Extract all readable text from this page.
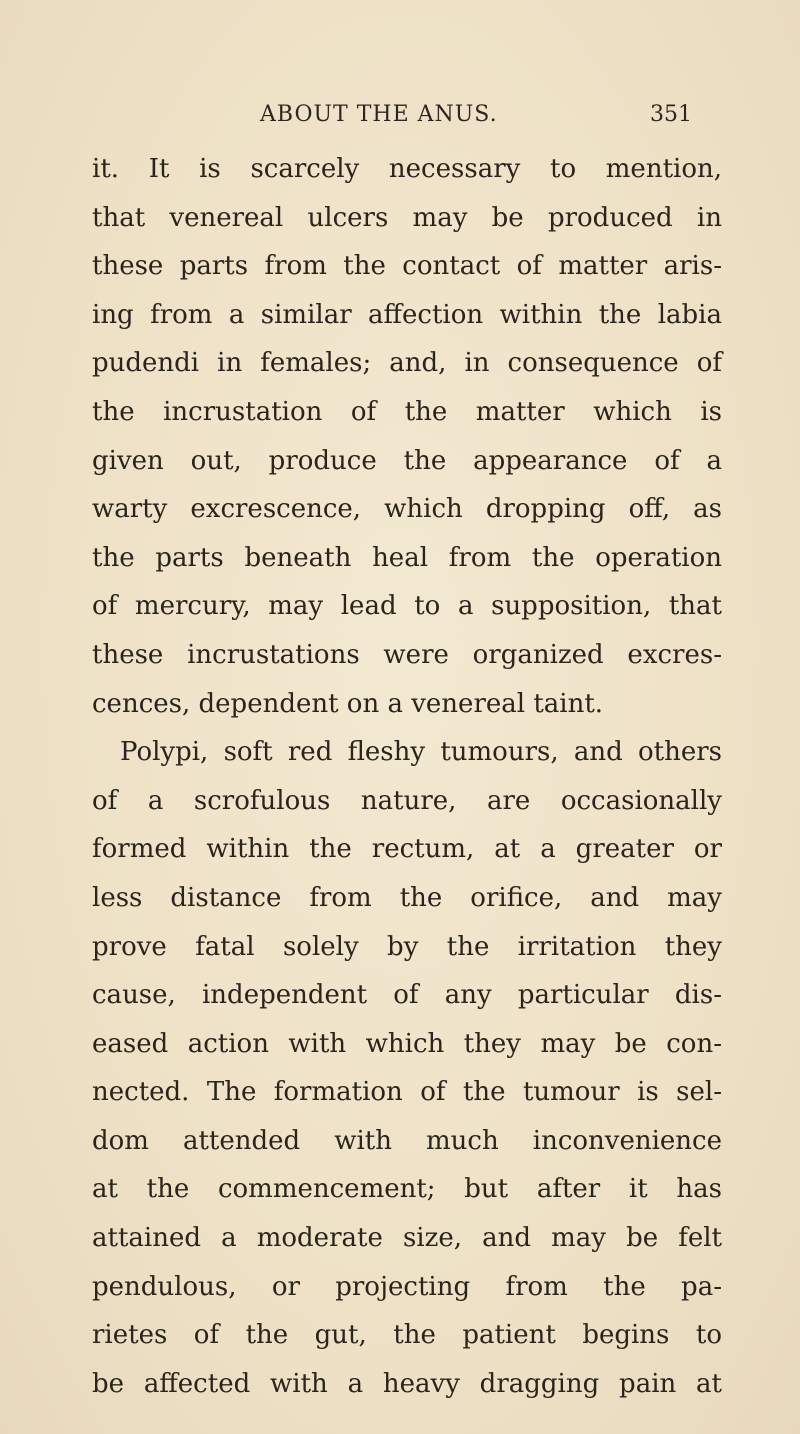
ABOUT THE ANUS.	351
it. It is scarcely necessary to mention,
that venereal ulcers may be produced in
these parts from the contact of matter aris-
ing from a similar affection within the labia
pudendi in females; and, in consequence of
the incrustation of the matter which is
given out, produce the appearance of a
warty excrescence, which dropping off, as
the parts beneath heal from the operation
of mercury, may lead to a supposition, that
these incrustations were organized excres-
cences, dependent on a venereal taint.
Polypi, soft red fleshy tumours, and others
of a scrofulous nature, are occasionally
formed within the rectum, at a greater or
less distance from the orifice, and may
prove fatal solely by the irritation they
cause, independent of any particular dis-
eased action with which they may be con-
nected. The formation of the tumour is sel-
dom attended with much inconvenience
at the commencement; but after it has
attained a moderate size, and may be felt
pendulous, or projecting from the pa-
rietes of the gut, the patient begins to
be affected with a heavy dragging pain at
